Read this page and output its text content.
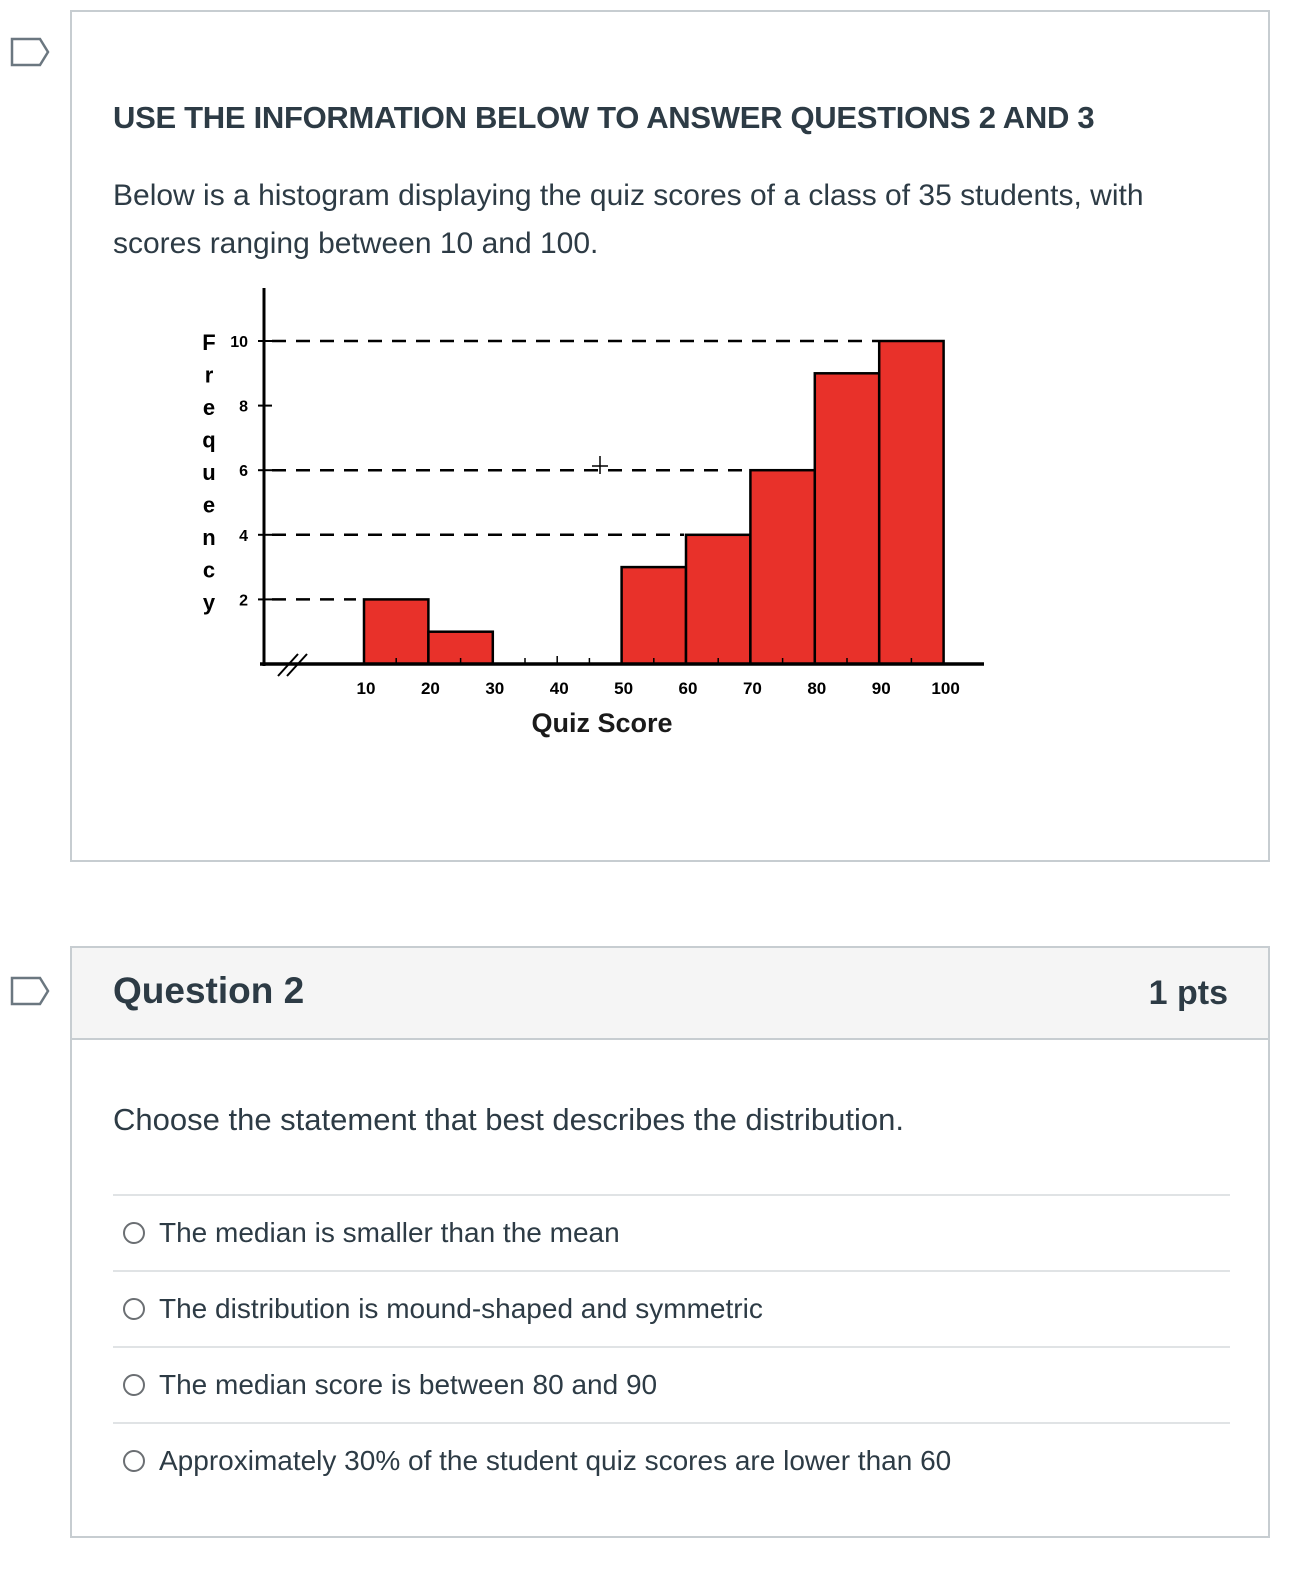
USE THE INFORMATION BELOW TO ANSWER QUESTIONS 2 AND 3

Below is a histogram displaying the quiz scores of a class of 35 students, with scores ranging between 10 and 100.

2
4
6
8
10
F
r
e
q
u
e
n
c
y
10	20	30	40	50	60	70	80	90 100
Quiz Score
Question 2	1 pts

Choose the statement that best describes the distribution.

The median is smaller than the mean
The distribution is mound-shaped and symmetric
The median score is between 80 and 90
Approximately 30% of the student quiz scores are lower than 60
